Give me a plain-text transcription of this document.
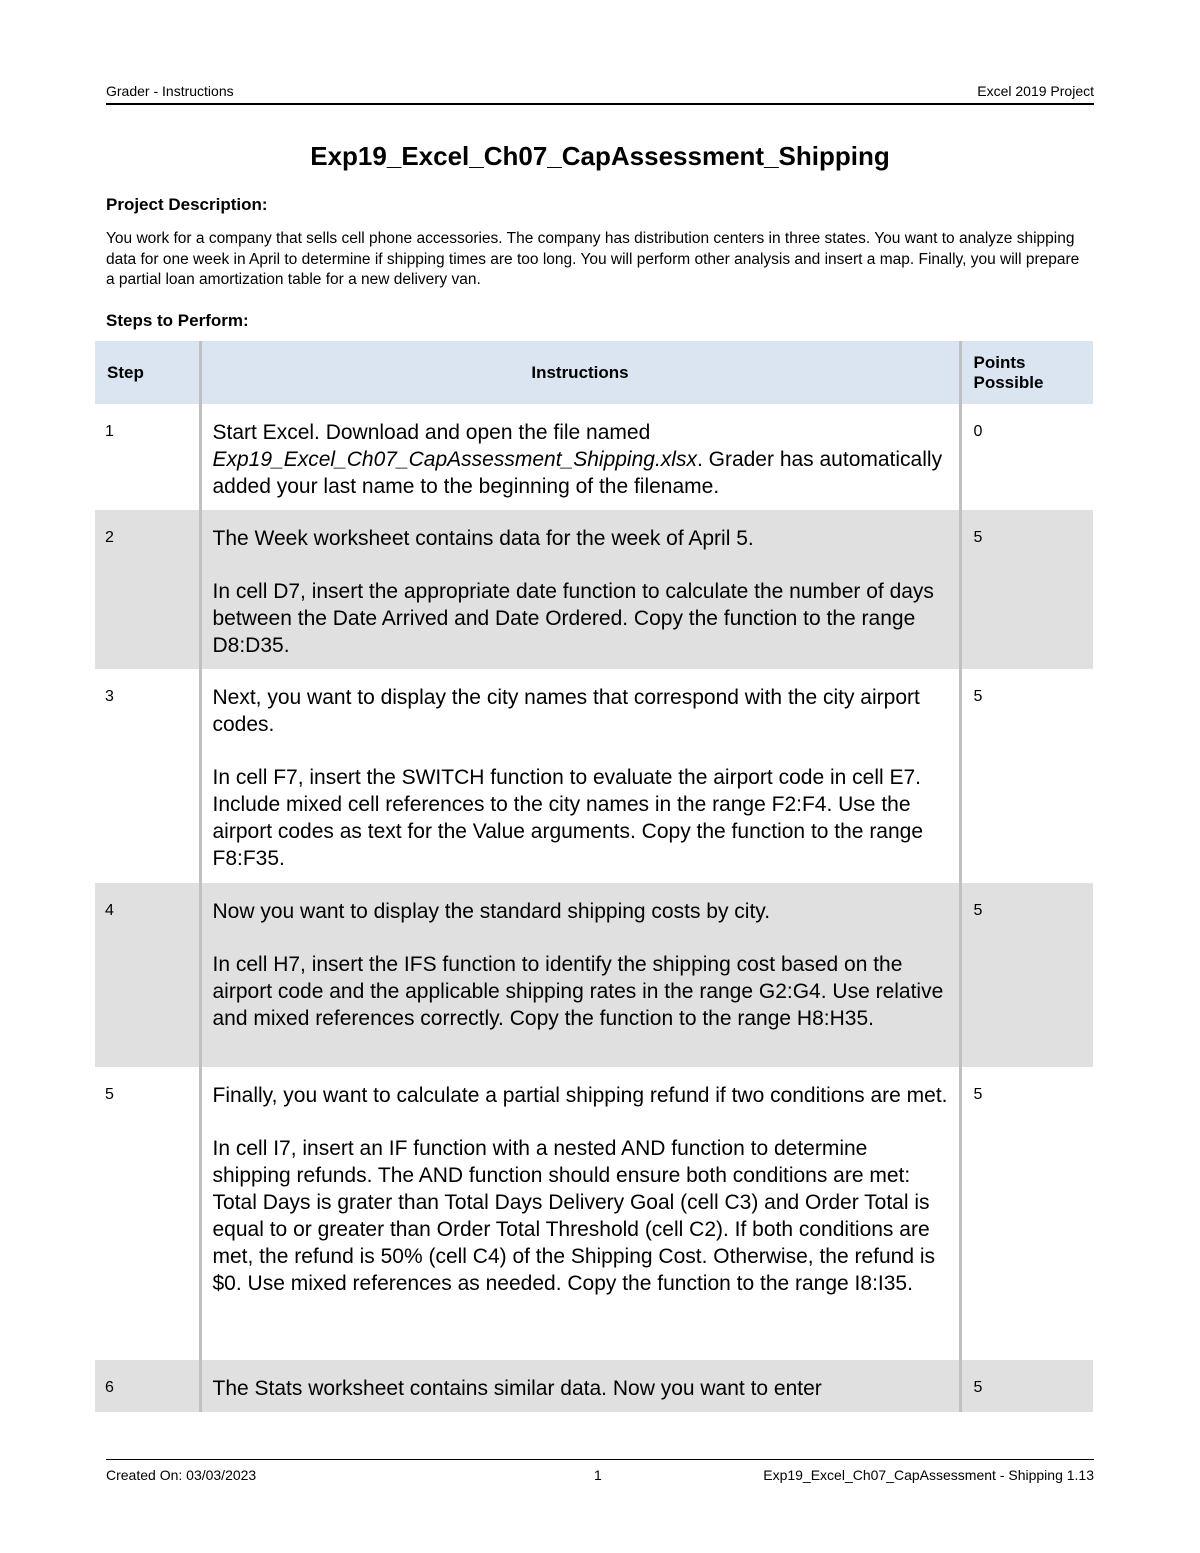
Grader - Instructions	Excel 2019 Project
Exp19_Excel_Ch07_CapAssessment_Shipping
Project Description:
You work for a company that sells cell phone accessories. The company has distribution centers in three states. You want to analyze shipping data for one week in April to determine if shipping times are too long. You will perform other analysis and insert a map. Finally, you will prepare a partial loan amortization table for a new delivery van.
Steps to Perform:
Step	Instructions	Points Possible
1	Start Excel. Download and open the file named Exp19_Excel_Ch07_CapAssessment_Shipping.xlsx. Grader has automatically added your last name to the beginning of the filename.	0
2	The Week worksheet contains data for the week of April 5.

In cell D7, insert the appropriate date function to calculate the number of days between the Date Arrived and Date Ordered. Copy the function to the range D8:D35.	5
3	Next, you want to display the city names that correspond with the city airport codes.

In cell F7, insert the SWITCH function to evaluate the airport code in cell E7. Include mixed cell references to the city names in the range F2:F4. Use the airport codes as text for the Value arguments. Copy the function to the range F8:F35.	5
4	Now you want to display the standard shipping costs by city.

In cell H7, insert the IFS function to identify the shipping cost based on the airport code and the applicable shipping rates in the range G2:G4. Use relative and mixed references correctly. Copy the function to the range H8:H35.	5
5	Finally, you want to calculate a partial shipping refund if two conditions are met.

In cell I7, insert an IF function with a nested AND function to determine shipping refunds. The AND function should ensure both conditions are met: Total Days is grater than Total Days Delivery Goal (cell C3) and Order Total is equal to or greater than Order Total Threshold (cell C2). If both conditions are met, the refund is 50% (cell C4) of the Shipping Cost. Otherwise, the refund is $0. Use mixed references as needed. Copy the function to the range I8:I35.	5
6	The Stats worksheet contains similar data. Now you want to enter	5
Created On: 03/03/2023	1	Exp19_Excel_Ch07_CapAssessment - Shipping 1.13
